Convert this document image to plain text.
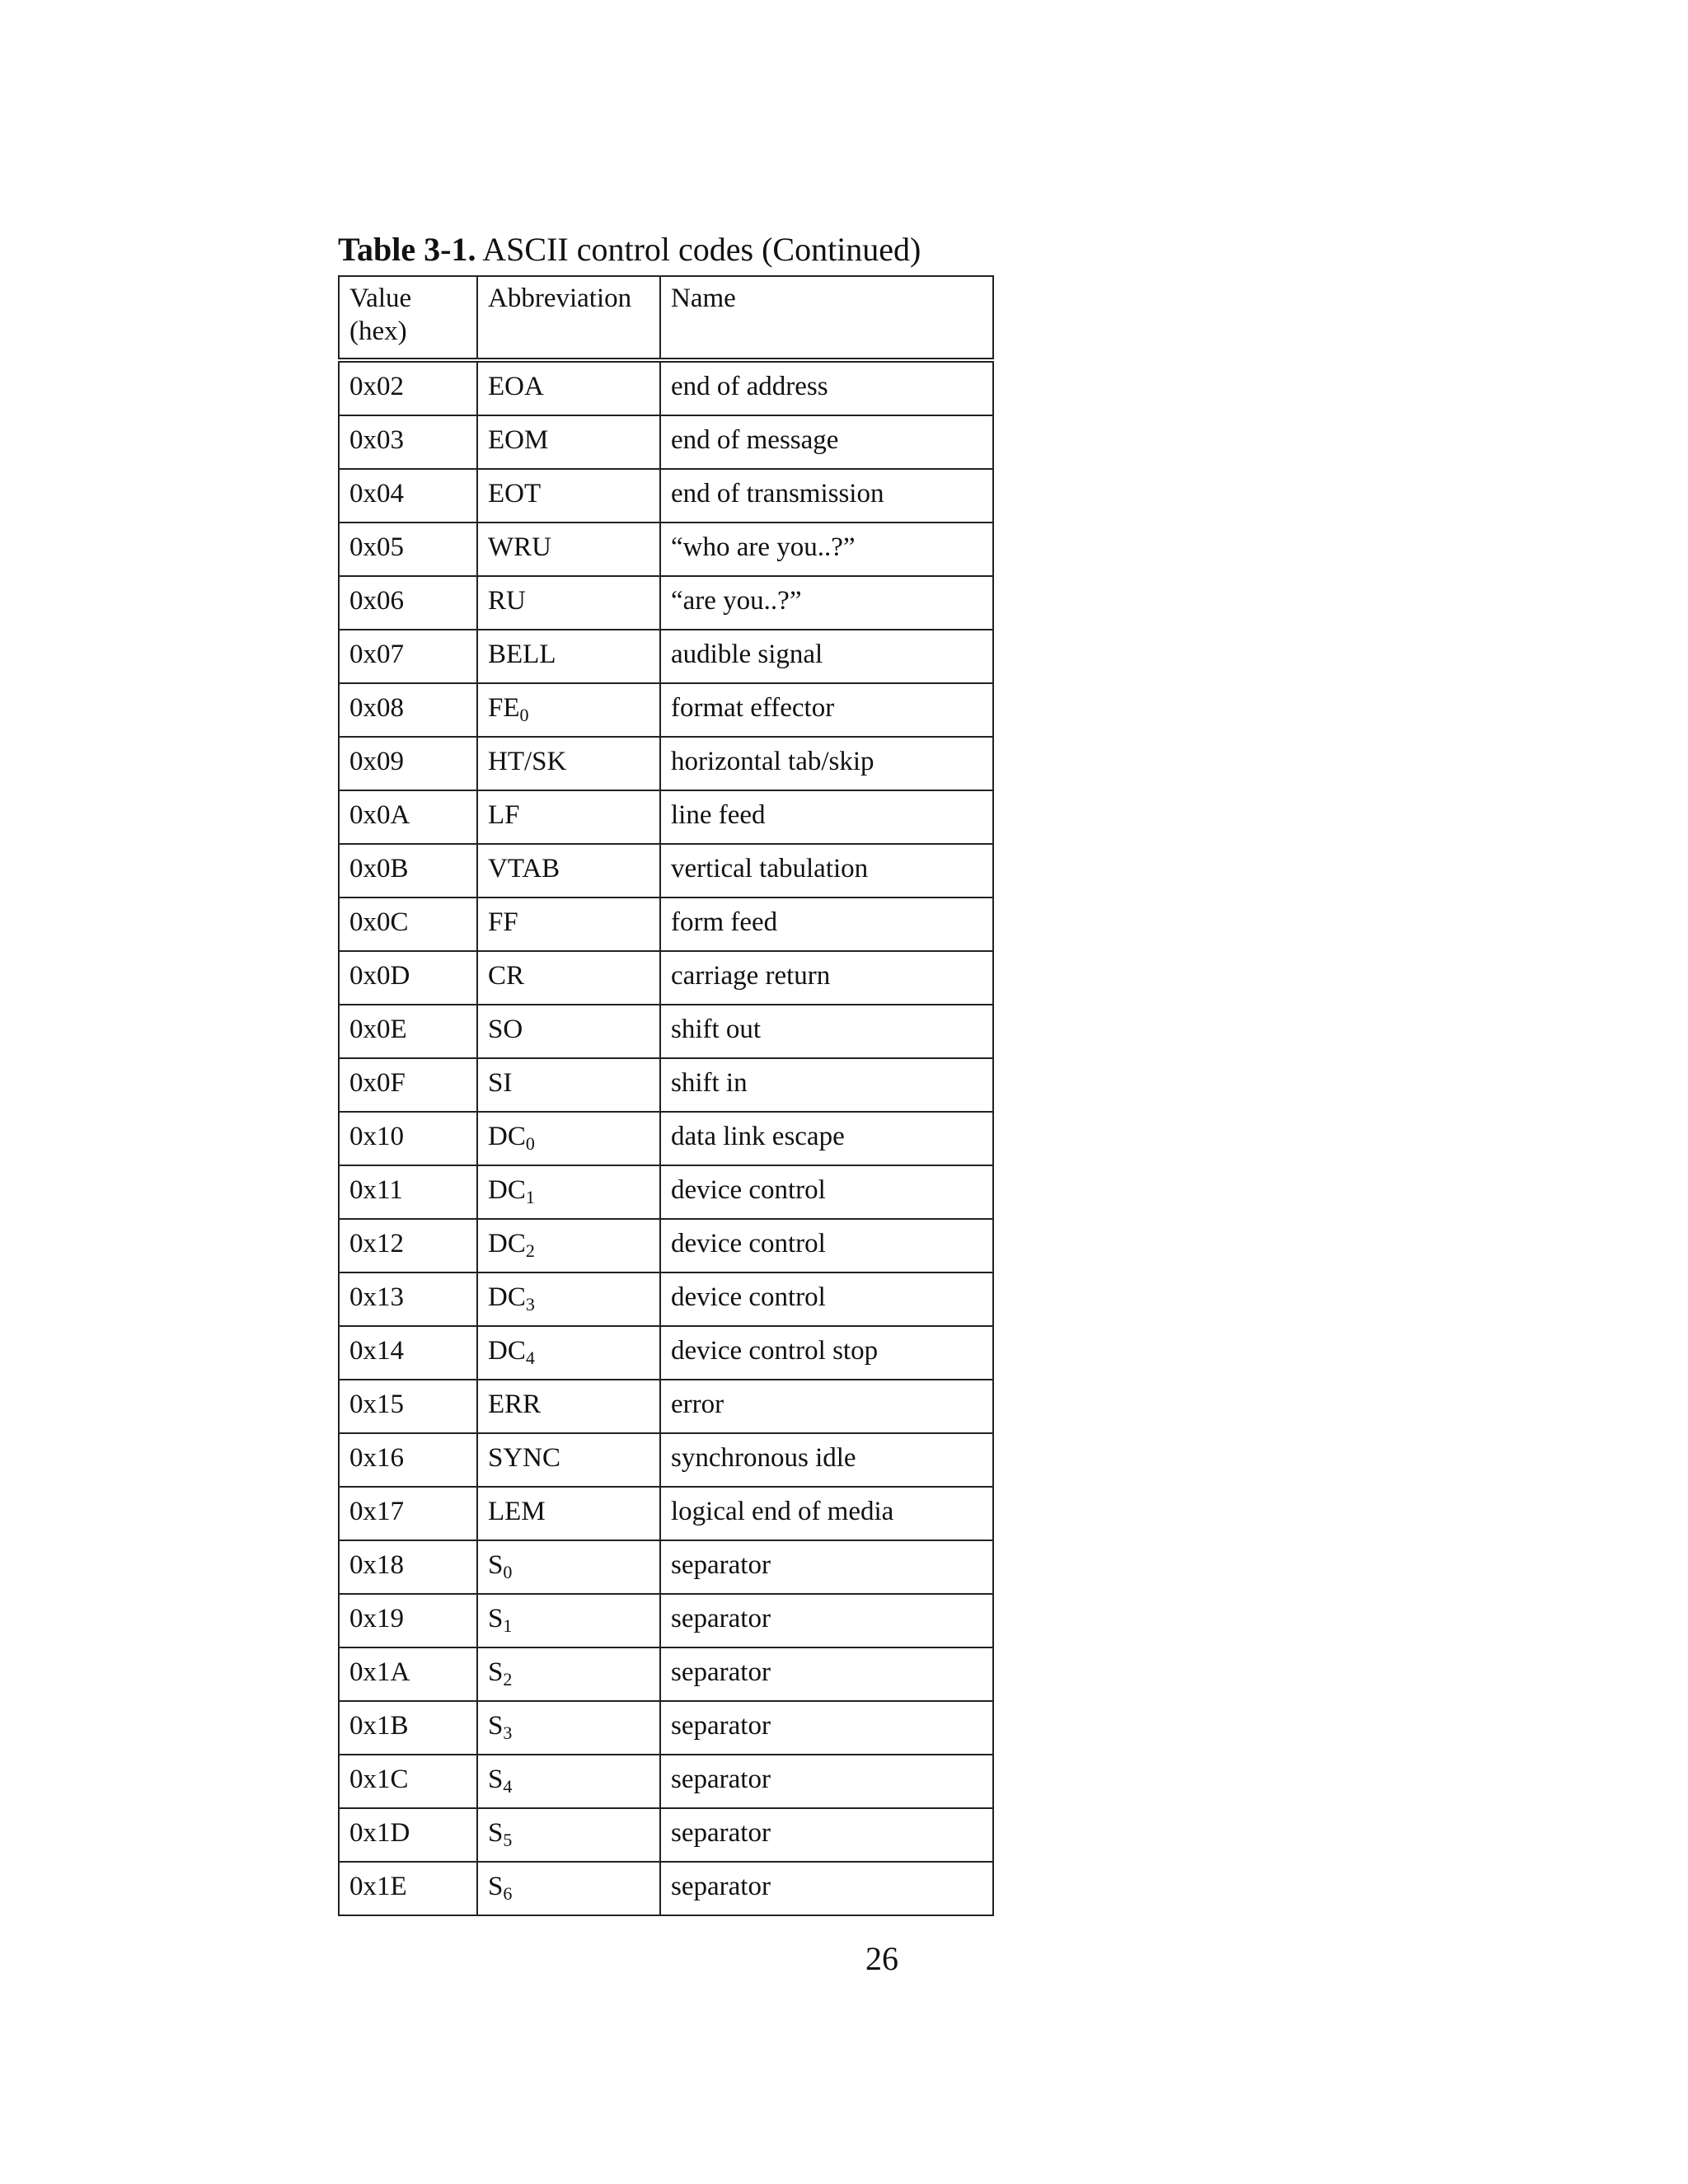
Table 3-1. ASCII control codes (Continued)
Value
(hex)	Abbreviation	Name
0x02	EOA	end of address
0x03	EOM	end of message
0x04	EOT	end of transmission
0x05	WRU	“who are you..?”
0x06	RU	“are you..?”
0x07	BELL	audible signal
0x08	$FE_0$	format effector
0x09	HT/SK	horizontal tab/skip
0x0A	LF	line feed
0x0B	VTAB	vertical tabulation
0x0C	FF	form feed
0x0D	CR	carriage return
0x0E	SO	shift out
0x0F	SI	shift in
0x10	$DC_0$	data link escape
0x11	$DC_1$	device control
0x12	$DC_2$	device control
0x13	$DC_3$	device control
0x14	$DC_4$	device control stop
0x15	ERR	error
0x16	SYNC	synchronous idle
0x17	LEM	logical end of media
0x18	$S_0$	separator
0x19	$S_1$	separator
0x1A	$S_2$	separator
0x1B	$S_3$	separator
0x1C	$S_4$	separator
0x1D	$S_5$	separator
0x1E	$S_6$	separator
26
